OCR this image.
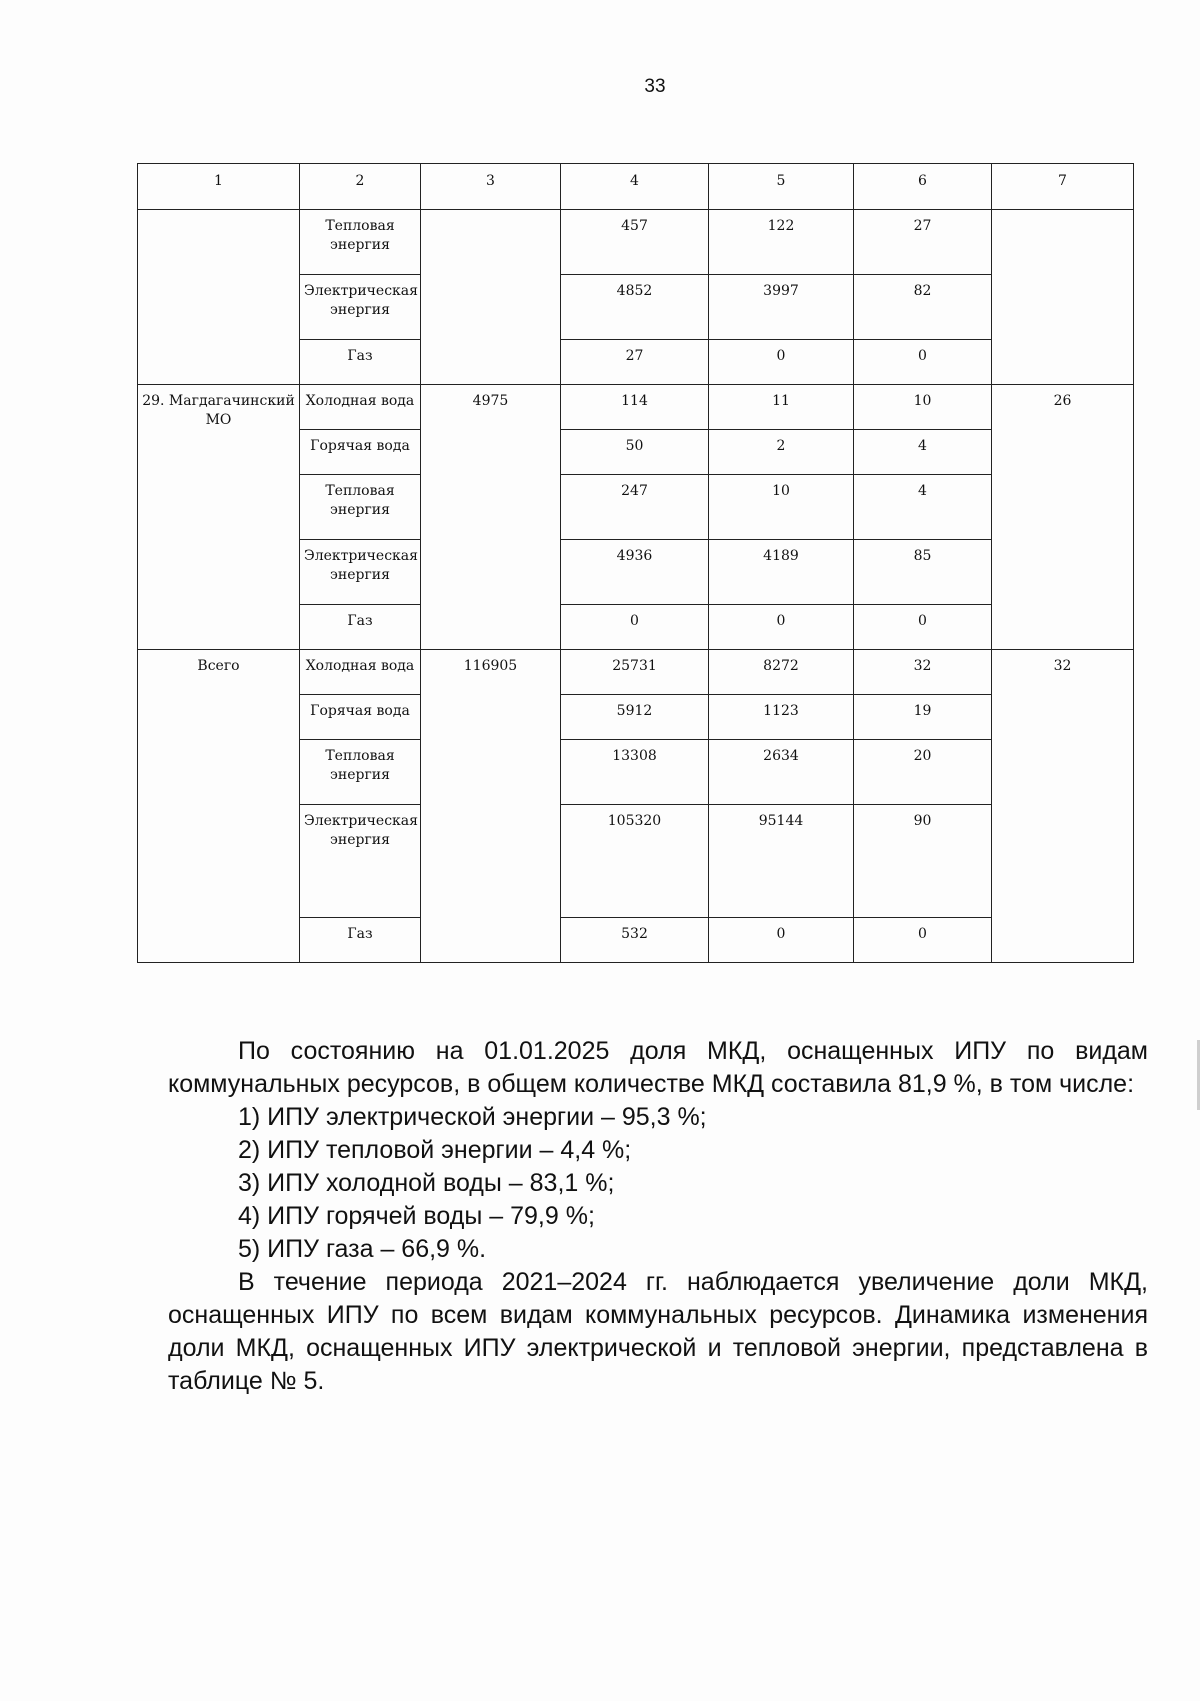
33
1	2	3	4	5	6	7
	Тепловая энергия		457	122	27	
	Электрическая энергия		4852	3997	82	
	Газ		27	0	0	
29. Магдагачинский МО	Холодная вода	4975	114	11	10	26
	Горячая вода		50	2	4	
	Тепловая энергия		247	10	4	
	Электрическая энергия		4936	4189	85	
	Газ		0	0	0	
Всего	Холодная вода	116905	25731	8272	32	32
	Горячая вода		5912	1123	19	
	Тепловая энергия		13308	2634	20	
	Электрическая энергия		105320	95144	90	
	Газ		532	0	0	

По состоянию на 01.01.2025 доля МКД, оснащенных ИПУ по видам коммунальных ресурсов, в общем количестве МКД составила 81,9 %, в том числе:

1) ИПУ электрической энергии – 95,3 %;

2) ИПУ тепловой энергии – 4,4 %;

3) ИПУ холодной воды – 83,1 %;

4) ИПУ горячей воды – 79,9 %;

5) ИПУ газа – 66,9 %.

В течение периода 2021–2024 гг. наблюдается увеличение доли МКД, оснащенных ИПУ по всем видам коммунальных ресурсов. Динамика изменения доли МКД, оснащенных ИПУ электрической и тепловой энергии, представлена в таблице № 5.
